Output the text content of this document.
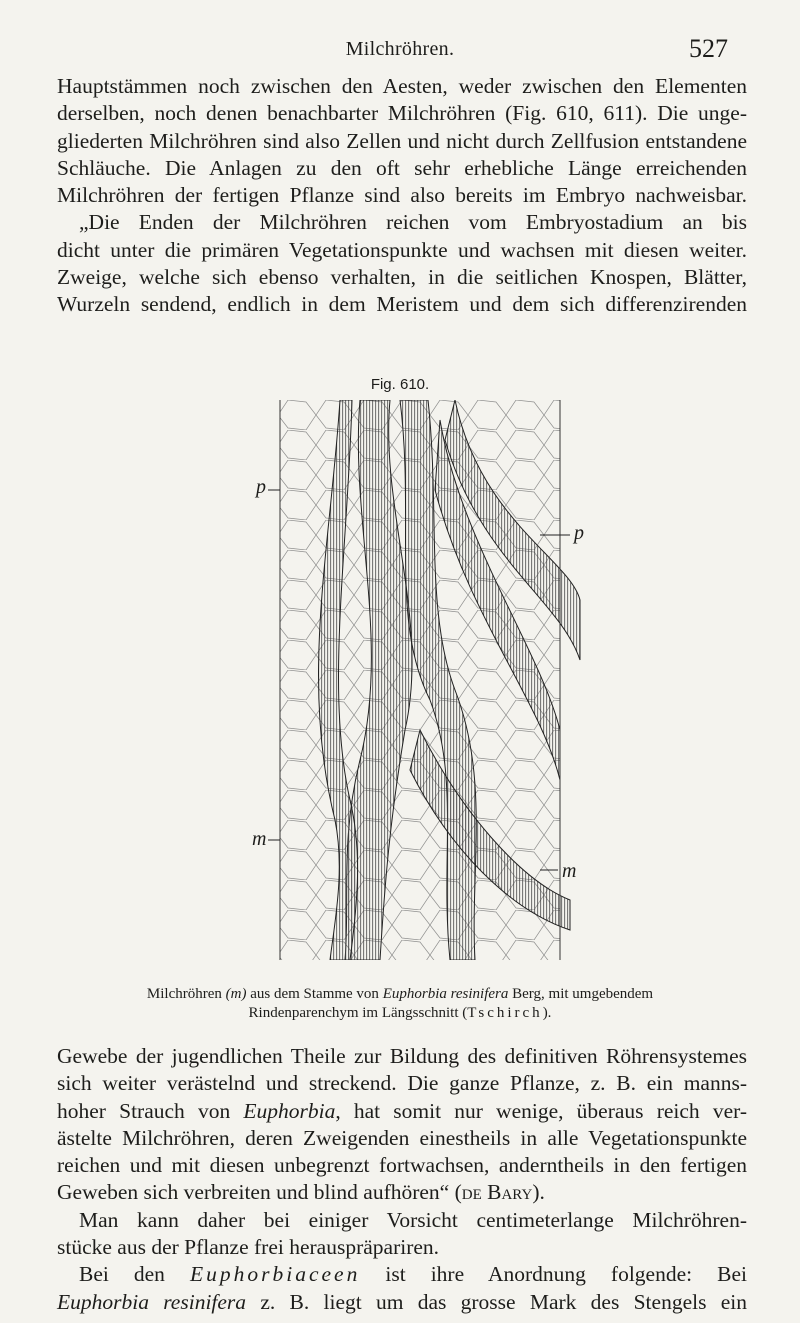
Milchröhren.	527
Hauptstämmen noch zwischen den Aesten, weder zwischen den Elementen
derselben, noch denen benachbarter Milchröhren (Fig. 610, 611). Die unge-
gliederten Milchröhren sind also Zellen und nicht durch Zellfusion entstandene
Schläuche. Die Anlagen zu den oft sehr erhebliche Länge erreichenden
Milchröhren der fertigen Pflanze sind also bereits im Embryo nachweisbar.
„Die Enden der Milchröhren reichen vom Embryostadium an bis
dicht unter die primären Vegetationspunkte und wachsen mit diesen weiter.
Zweige, welche sich ebenso verhalten, in die seitlichen Knospen, Blätter,
Wurzeln sendend, endlich in dem Meristem und dem sich differenzirenden
Fig. 610.
p
p
m
m
Milchröhren (m) aus dem Stamme von Euphorbia resinifera Berg, mit umgebendem
Rindenparenchym im Längsschnitt (Tschirch).
Gewebe der jugendlichen Theile zur Bildung des definitiven Röhrensystemes
sich weiter verästelnd und streckend. Die ganze Pflanze, z. B. ein manns-
hoher Strauch von Euphorbia, hat somit nur wenige, überaus reich ver-
ästelte Milchröhren, deren Zweigenden einestheils in alle Vegetationspunkte
reichen und mit diesen unbegrenzt fortwachsen, anderntheils in den fertigen
Geweben sich verbreiten und blind aufhören“ (de Bary).
Man kann daher bei einiger Vorsicht centimeterlange Milchröhren-
stücke aus der Pflanze frei herauspräpariren.
Bei den Euphorbiaceen ist ihre Anordnung folgende: Bei
Euphorbia resinifera z. B. liegt um das grosse Mark des Stengels ein
